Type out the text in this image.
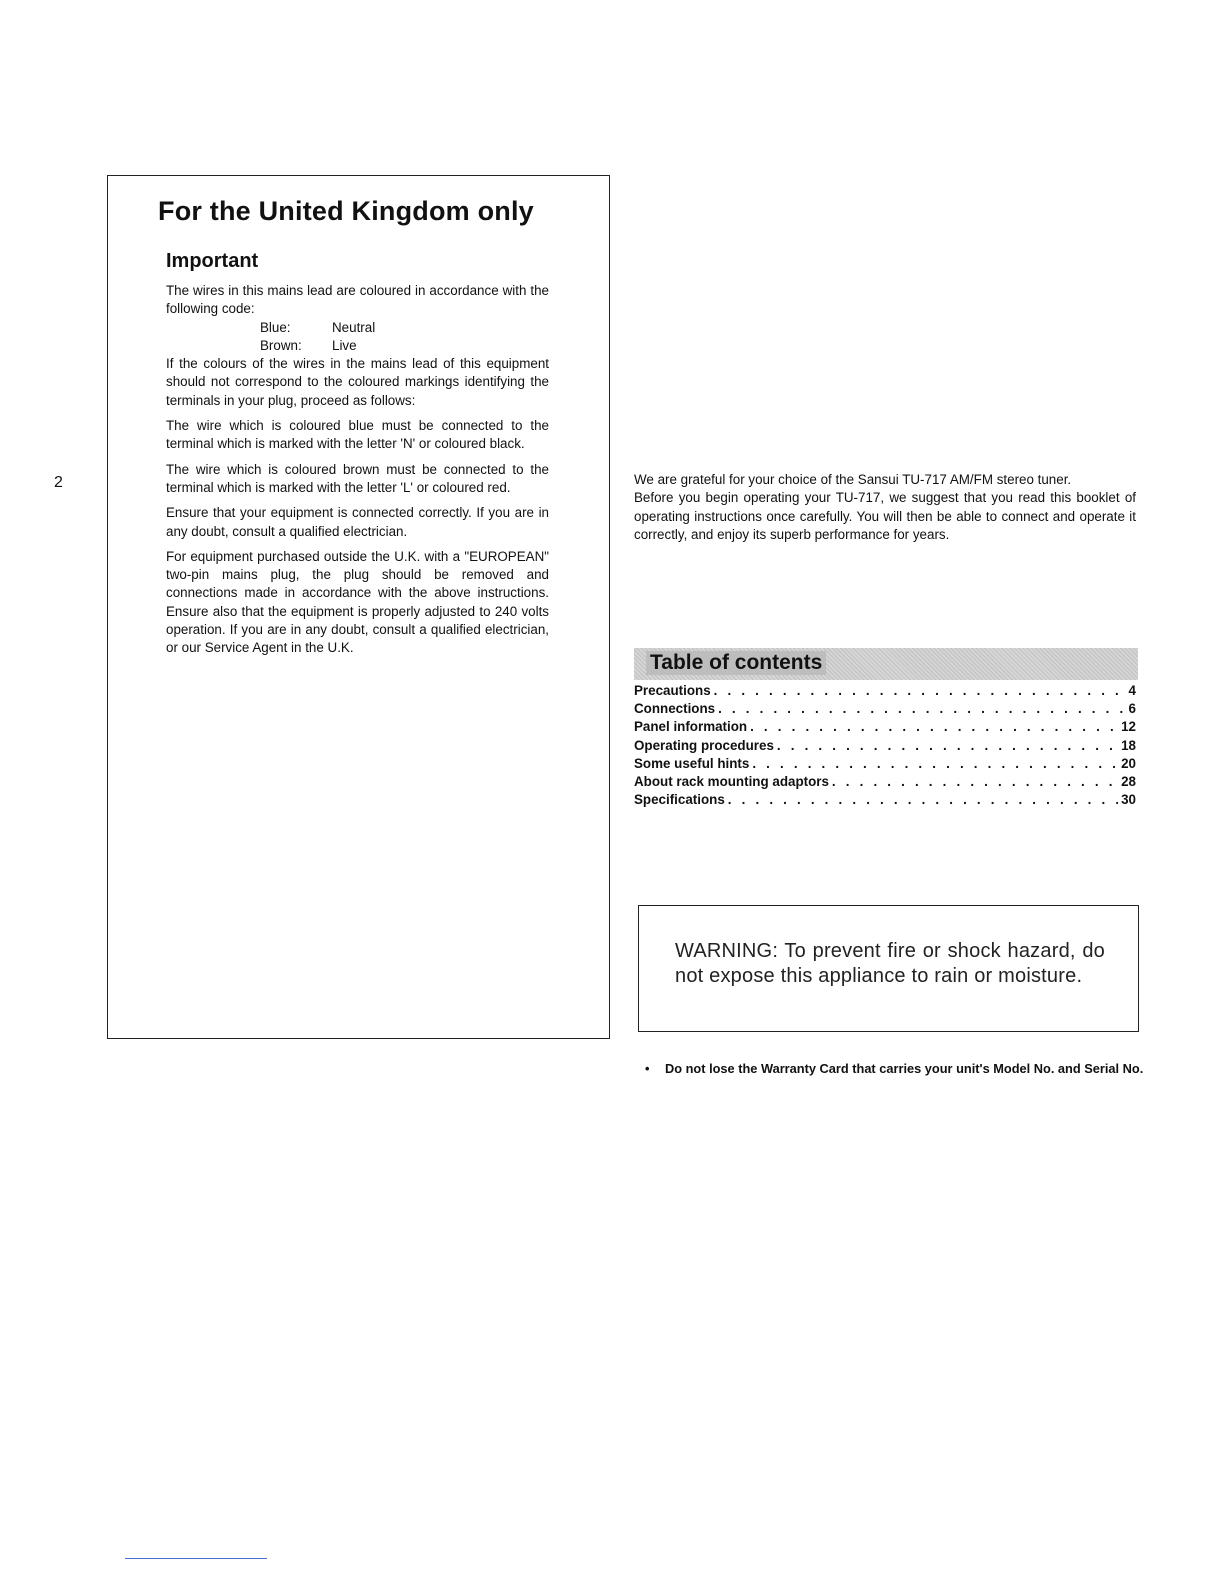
2
For the United Kingdom only
Important

The wires in this mains lead are coloured in accordance with the following code:

Blue:	Neutral
Brown: Live

If the colours of the wires in the mains lead of this equipment should not correspond to the coloured markings identifying the terminals in your plug, proceed as follows:

The wire which is coloured blue must be connected to the terminal which is marked with the letter 'N' or coloured black.

The wire which is coloured brown must be connected to the terminal which is marked with the letter 'L' or coloured red.

Ensure that your equipment is connected correctly. If you are in any doubt, consult a qualified electrician.

For equipment purchased outside the U.K. with a "EUROPEAN" two-pin mains plug, the plug should be removed and connections made in accordance with the above instructions. Ensure also that the equipment is properly adjusted to 240 volts operation. If you are in any doubt, consult a qualified electrician, or our Service Agent in the U.K.

We are grateful for your choice of the Sansui TU-717 AM/FM stereo tuner.

Before you begin operating your TU-717, we suggest that you read this booklet of operating instructions once carefully. You will then be able to connect and operate it correctly, and enjoy its superb performance for years.

Table of contents
Precautions . . .	4
Connections . . .	6
Panel information . . .	12
Operating procedures . . .	18
Some useful hints . . .	20
About rack mounting adaptors . . .	28
Specifications . . .	30
WARNING: To prevent fire or shock hazard, do not expose this appliance to rain or moisture.
• Do not lose the Warranty Card that carries your unit's Model No. and Serial No.
